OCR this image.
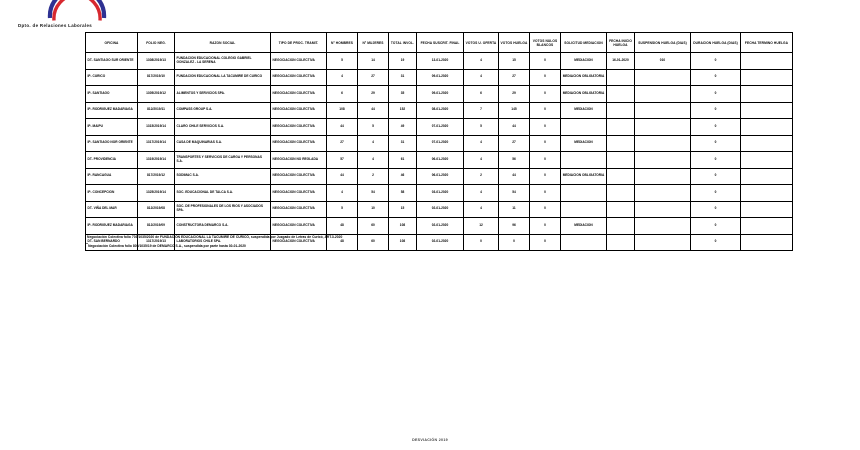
Dpto. de Relaciones Laborales
OFICINA	FOLIO NEG.	RAZON SOCIAL	TIPO DE PROC. TRAMIT.	N° HOMBRES	N° MUJERES	TOTAL INVOL.	FECHA SUSCRIT. FINAL	VOTOS U. OFERTA	VOTOS HUELGA	VOTOS NULOS BLANCOS	SOLICITUD MEDIACION	FECHA INICIO HUELGA	SUSPENSION HUELGA (DIAS)	DURACION HUELGA (DIAS)	FECHA TERMINO HUELGA
DT- SANTIAGO SUR ORIENTE	1308/2019/13	FUNDACION EDUCACIONAL COLEGIO GABRIEL GONZALEZ - LA SERENA	NEGOCIACION COLECTIVA	5	14	19	13-01-2020	4	15	0	MEDIACION	16-01-2020	010	0	
IP- CURICO	817/2019/10	FUNDACION EDUCACIONAL LA TACUMIRE DE CURICO	NEGOCIACION COLECTIVA	4	27	31	09-01-2020	4	27	0	MEDIACION OBLIGATORIA			0	
IP- SANTIAGO	1305/2019/12	ALIMENTOS Y SERVICIOS SPA.	NEGOCIACION COLECTIVA	6	29	35	09-01-2020	6	29	0	MEDIACION OBLIGATORIA			0	
IP- RODRIGUEZ MADARIAGA	812/2019/11	COMPASS GROUP S.A.	NEGOCIACION COLECTIVA	108	44	152	08-01-2020	7	145	0	MEDIACION			0	
IP- MAIPU	1315/2019/14	CLARO CHILE SERVICIOS S.A.	NEGOCIACION COLECTIVA	44	5	49	07-01-2020	5	44	0				0	
IP- SANTIAGO NOR ORIENTE	1317/2019/14	CASA DE MAQUINARIAS S.A.	NEGOCIACION COLECTIVA	27	4	31	07-01-2020	4	27	0	MEDIACION			0	
DT- PROVIDENCIA	1319/2019/14	TRANSPORTES Y SERVICIOS DE CARGA Y PERSONAS S.A.	NEGOCIACION NO REGLADA	57	4	61	06-01-2020	4	56	0				0	
IP- RANCAGUA	817/2019/12	SODIMAC S.A.	NEGOCIACION COLECTIVA	44	2	46	06-01-2020	2	44	0	MEDIACION OBLIGATORIA			0	
IP- CONCEPCION	1325/2019/14	SOC. EDUCACIONAL DE TALCA S.A.	NEGOCIACION COLECTIVA	4	54	58	03-01-2020	4	54	0				0	
DT- VIÑA DEL MAR	812/2019/08	SOC. DE PROFESIONALES DE LOS RIOS Y ASOCIADOS SPA.	NEGOCIACION COLECTIVA	5	10	15	02-01-2020	4	11	0				0	
IP- RODRIGUEZ MADARIAGA	812/2019/09	CONSTRUCTORA DEMARCO S.A.	NEGOCIACION COLECTIVA	48	60	108	02-01-2020	12	96	0	MEDIACION			0	
DT- SAN BERNARDO	1317/2019/13	LABORATORIOS CHILE SPA.	NEGOCIACION COLECTIVA	48	60	108	02-01-2020	0	0	0				0	
*Negociación Colectiva folio 703/1035/2020 de FUNDACIÓN EDUCACIONAL LA TACUMIRE DE CURICÓ, suspendida por Juzgado de Letras de Curicó, ART.3-2020
**Negociación Colectiva folio 805/1035/19 de DEMARCO S.A., suspendida por parte hasta 30-01-2020
DESVIACIÓN 2019
